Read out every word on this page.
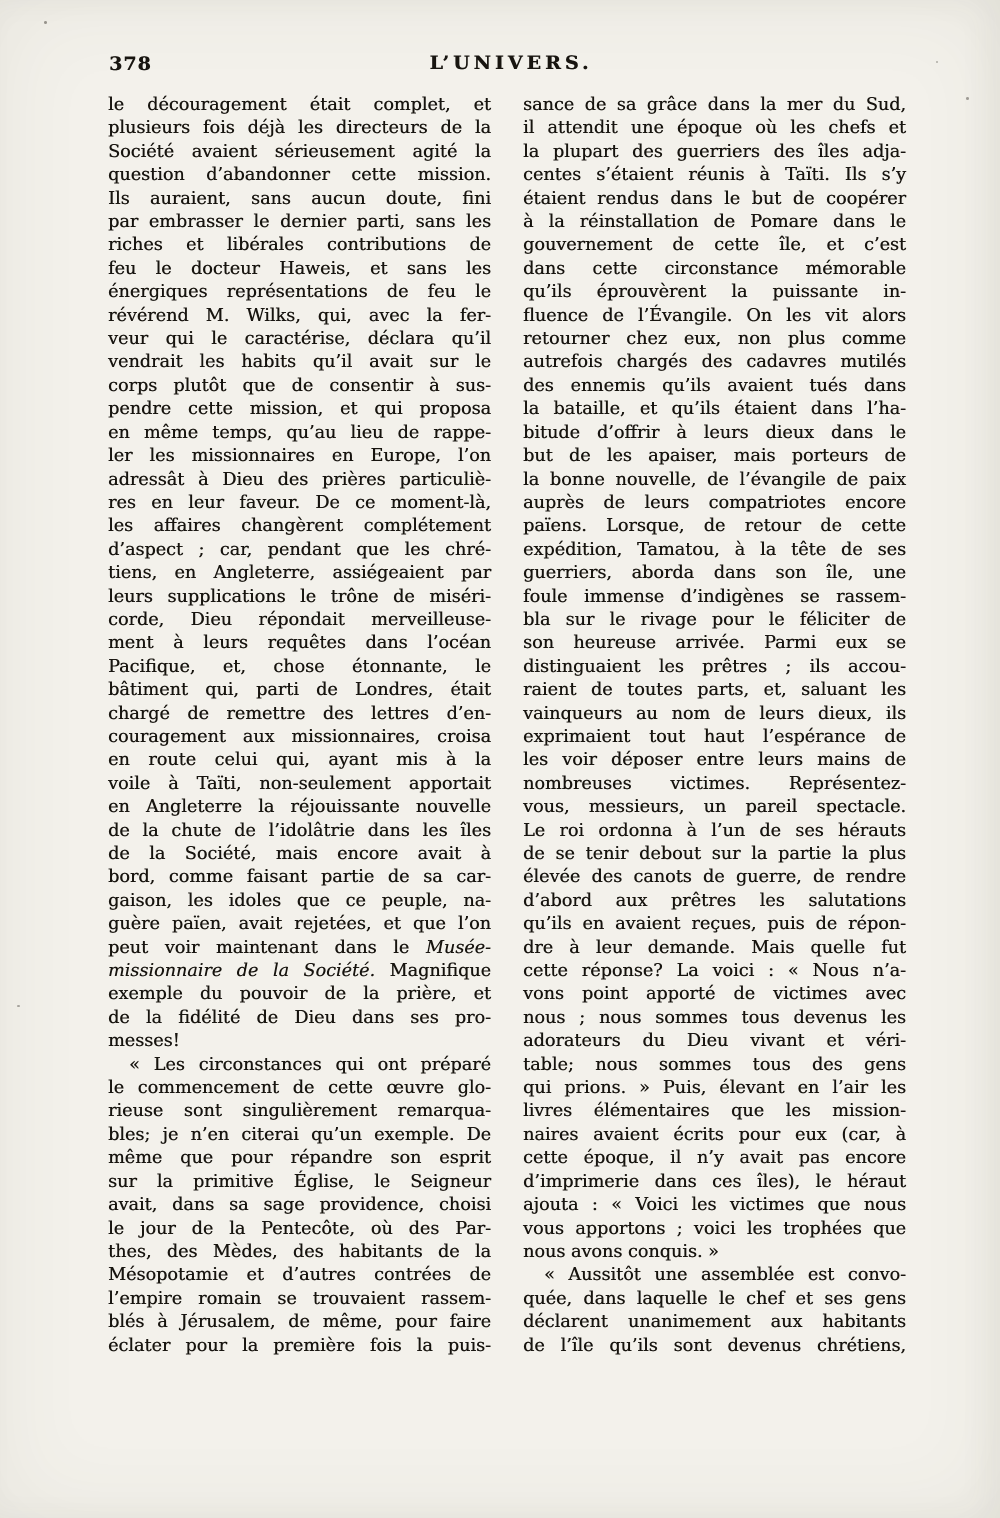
378	L’UNIVERS.
le découragement était complet, et
plusieurs fois déjà les directeurs de la
Société avaient sérieusement agité la
question d’abandonner cette mission.
Ils auraient, sans aucun doute, fini
par embrasser le dernier parti, sans les
riches et libérales contributions de
feu le docteur Haweis, et sans les
énergiques représentations de feu le
révérend M. Wilks, qui, avec la fer-
veur qui le caractérise, déclara qu’il
vendrait les habits qu’il avait sur le
corps plutôt que de consentir à sus-
pendre cette mission, et qui proposa
en même temps, qu’au lieu de rappe-
ler les missionnaires en Europe, l’on
adressât à Dieu des prières particuliè-
res en leur faveur. De ce moment-là,
les affaires changèrent complétement
d’aspect ; car, pendant que les chré-
tiens, en Angleterre, assiégeaient par
leurs supplications le trône de miséri-
corde, Dieu répondait merveilleuse-
ment à leurs requêtes dans l’océan
Pacifique, et, chose étonnante, le
bâtiment qui, parti de Londres, était
chargé de remettre des lettres d’en-
couragement aux missionnaires, croisa
en route celui qui, ayant mis à la
voile à Taïti, non-seulement apportait
en Angleterre la réjouissante nouvelle
de la chute de l’idolâtrie dans les îles
de la Société, mais encore avait à
bord, comme faisant partie de sa car-
gaison, les idoles que ce peuple, na-
guère païen, avait rejetées, et que l’on
peut voir maintenant dans le Musée-
missionnaire de la Société. Magnifique
exemple du pouvoir de la prière, et
de la fidélité de Dieu dans ses pro-
messes!
« Les circonstances qui ont préparé
le commencement de cette œuvre glo-
rieuse sont singulièrement remarqua-
bles; je n’en citerai qu’un exemple. De
même que pour répandre son esprit
sur la primitive Église, le Seigneur
avait, dans sa sage providence, choisi
le jour de la Pentecôte, où des Par-
thes, des Mèdes, des habitants de la
Mésopotamie et d’autres contrées de
l’empire romain se trouvaient rassem-
blés à Jérusalem, de même, pour faire
éclater pour la première fois la puis-
sance de sa grâce dans la mer du Sud,
il attendit une époque où les chefs et
la plupart des guerriers des îles adja-
centes s’étaient réunis à Taïti. Ils s’y
étaient rendus dans le but de coopérer
à la réinstallation de Pomare dans le
gouvernement de cette île, et c’est
dans cette circonstance mémorable
qu’ils éprouvèrent la puissante in-
fluence de l’Évangile. On les vit alors
retourner chez eux, non plus comme
autrefois chargés des cadavres mutilés
des ennemis qu’ils avaient tués dans
la bataille, et qu’ils étaient dans l’ha-
bitude d’offrir à leurs dieux dans le
but de les apaiser, mais porteurs de
la bonne nouvelle, de l’évangile de paix
auprès de leurs compatriotes encore
païens. Lorsque, de retour de cette
expédition, Tamatou, à la tête de ses
guerriers, aborda dans son île, une
foule immense d’indigènes se rassem-
bla sur le rivage pour le féliciter de
son heureuse arrivée. Parmi eux se
distinguaient les prêtres ; ils accou-
raient de toutes parts, et, saluant les
vainqueurs au nom de leurs dieux, ils
exprimaient tout haut l’espérance de
les voir déposer entre leurs mains de
nombreuses victimes. Représentez-
vous, messieurs, un pareil spectacle.
Le roi ordonna à l’un de ses hérauts
de se tenir debout sur la partie la plus
élevée des canots de guerre, de rendre
d’abord aux prêtres les salutations
qu’ils en avaient reçues, puis de répon-
dre à leur demande. Mais quelle fut
cette réponse? La voici : « Nous n’a-
vons point apporté de victimes avec
nous ; nous sommes tous devenus les
adorateurs du Dieu vivant et véri-
table; nous sommes tous des gens
qui prions. » Puis, élevant en l’air les
livres élémentaires que les mission-
naires avaient écrits pour eux (car, à
cette époque, il n’y avait pas encore
d’imprimerie dans ces îles), le héraut
ajouta : « Voici les victimes que nous
vous apportons ; voici les trophées que
nous avons conquis. »
« Aussitôt une assemblée est convo-
quée, dans laquelle le chef et ses gens
déclarent unanimement aux habitants
de l’île qu’ils sont devenus chrétiens,
